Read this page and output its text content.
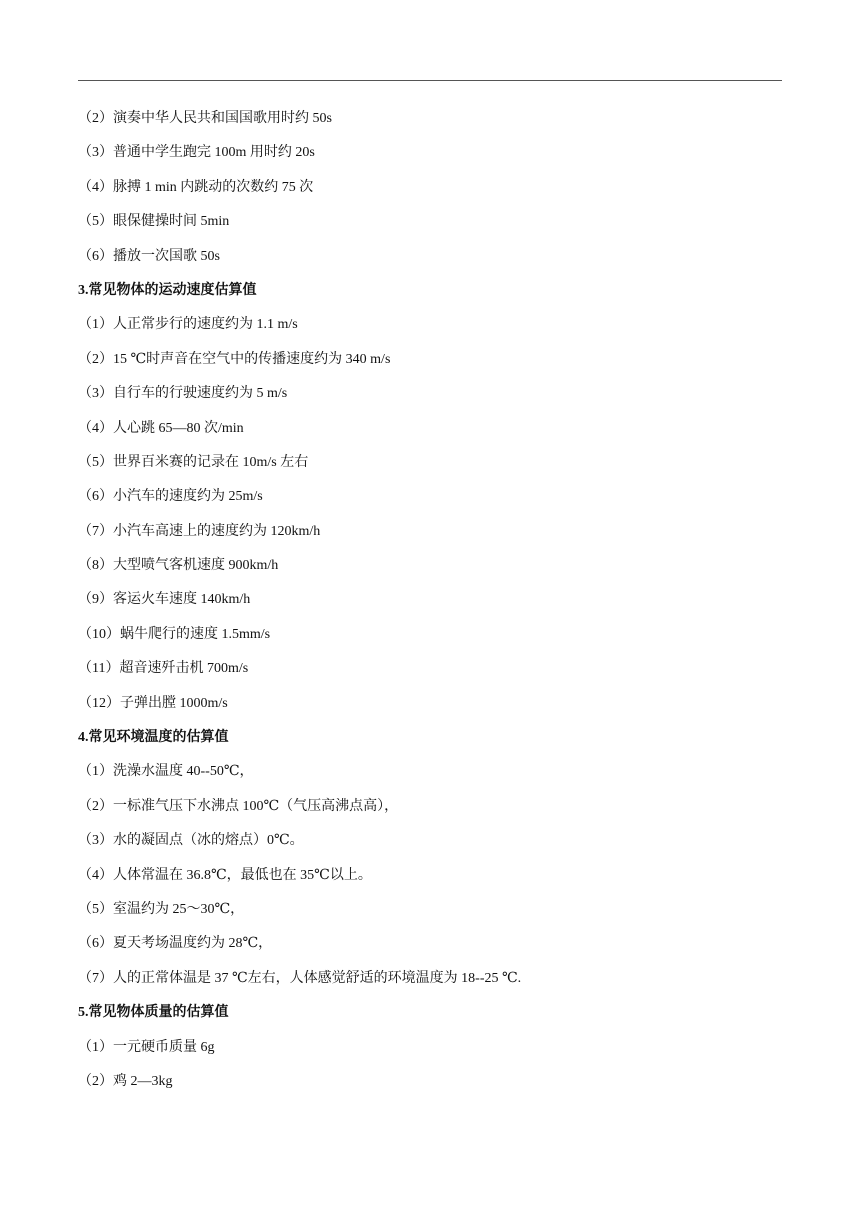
（2）演奏中华人民共和国国歌用时约 50s
（3）普通中学生跑完 100m 用时约 20s
（4）脉搏 1 min 内跳动的次数约 75 次
（5）眼保健操时间 5min
（6）播放一次国歌 50s
3.常见物体的运动速度估算值
（1）人正常步行的速度约为 1.1 m/s
（2）15 ℃时声音在空气中的传播速度约为 340 m/s
（3）自行车的行驶速度约为 5 m/s
（4）人心跳 65—80 次/min
（5）世界百米赛的记录在 10m/s 左右
（6）小汽车的速度约为 25m/s
（7）小汽车高速上的速度约为 120km/h
（8）大型喷气客机速度 900km/h
（9）客运火车速度 140km/h
（10）蜗牛爬行的速度 1.5mm/s
（11）超音速歼击机 700m/s
（12）子弹出膛 1000m/s
4.常见环境温度的估算值
（1）洗澡水温度 40--50℃，
（2）一标准气压下水沸点 100℃（气压高沸点高），
（3）水的凝固点（冰的熔点）0℃。
（4）人体常温在 36.8℃，最低也在 35℃以上。
（5）室温约为 25～30℃，
（6）夏天考场温度约为 28℃，
（7）人的正常体温是 37 ℃左右，人体感觉舒适的环境温度为 18--25 ℃.
5.常见物体质量的估算值
（1）一元硬币质量 6g
（2）鸡 2—3kg
